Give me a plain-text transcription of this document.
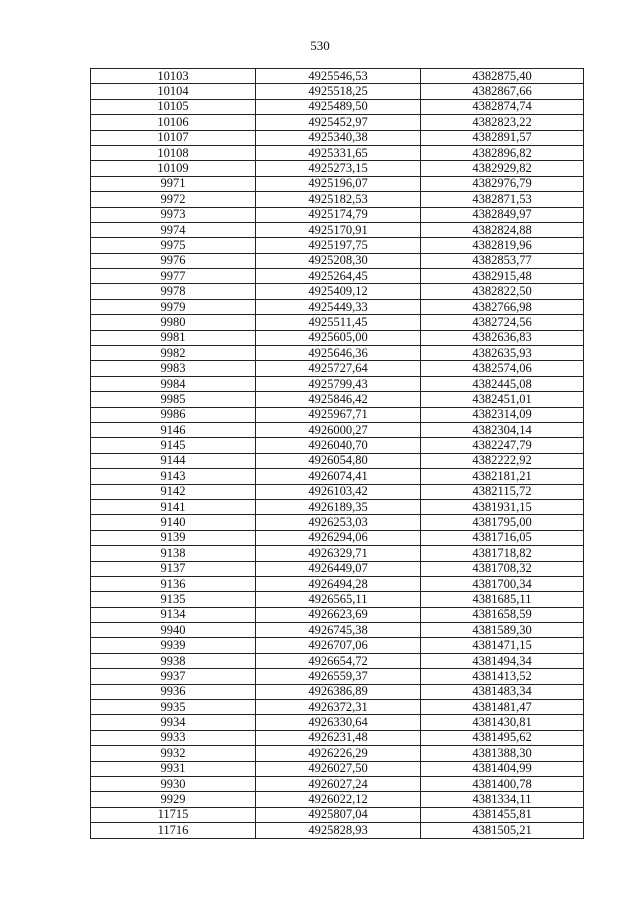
530
10103	4925546,53	4382875,40
10104	4925518,25	4382867,66
10105	4925489,50	4382874,74
10106	4925452,97	4382823,22
10107	4925340,38	4382891,57
10108	4925331,65	4382896,82
10109	4925273,15	4382929,82
9971	4925196,07	4382976,79
9972	4925182,53	4382871,53
9973	4925174,79	4382849,97
9974	4925170,91	4382824,88
9975	4925197,75	4382819,96
9976	4925208,30	4382853,77
9977	4925264,45	4382915,48
9978	4925409,12	4382822,50
9979	4925449,33	4382766,98
9980	4925511,45	4382724,56
9981	4925605,00	4382636,83
9982	4925646,36	4382635,93
9983	4925727,64	4382574,06
9984	4925799,43	4382445,08
9985	4925846,42	4382451,01
9986	4925967,71	4382314,09
9146	4926000,27	4382304,14
9145	4926040,70	4382247,79
9144	4926054,80	4382222,92
9143	4926074,41	4382181,21
9142	4926103,42	4382115,72
9141	4926189,35	4381931,15
9140	4926253,03	4381795,00
9139	4926294,06	4381716,05
9138	4926329,71	4381718,82
9137	4926449,07	4381708,32
9136	4926494,28	4381700,34
9135	4926565,11	4381685,11
9134	4926623,69	4381658,59
9940	4926745,38	4381589,30
9939	4926707,06	4381471,15
9938	4926654,72	4381494,34
9937	4926559,37	4381413,52
9936	4926386,89	4381483,34
9935	4926372,31	4381481,47
9934	4926330,64	4381430,81
9933	4926231,48	4381495,62
9932	4926226,29	4381388,30
9931	4926027,50	4381404,99
9930	4926027,24	4381400,78
9929	4926022,12	4381334,11
11715	4925807,04	4381455,81
11716	4925828,93	4381505,21
